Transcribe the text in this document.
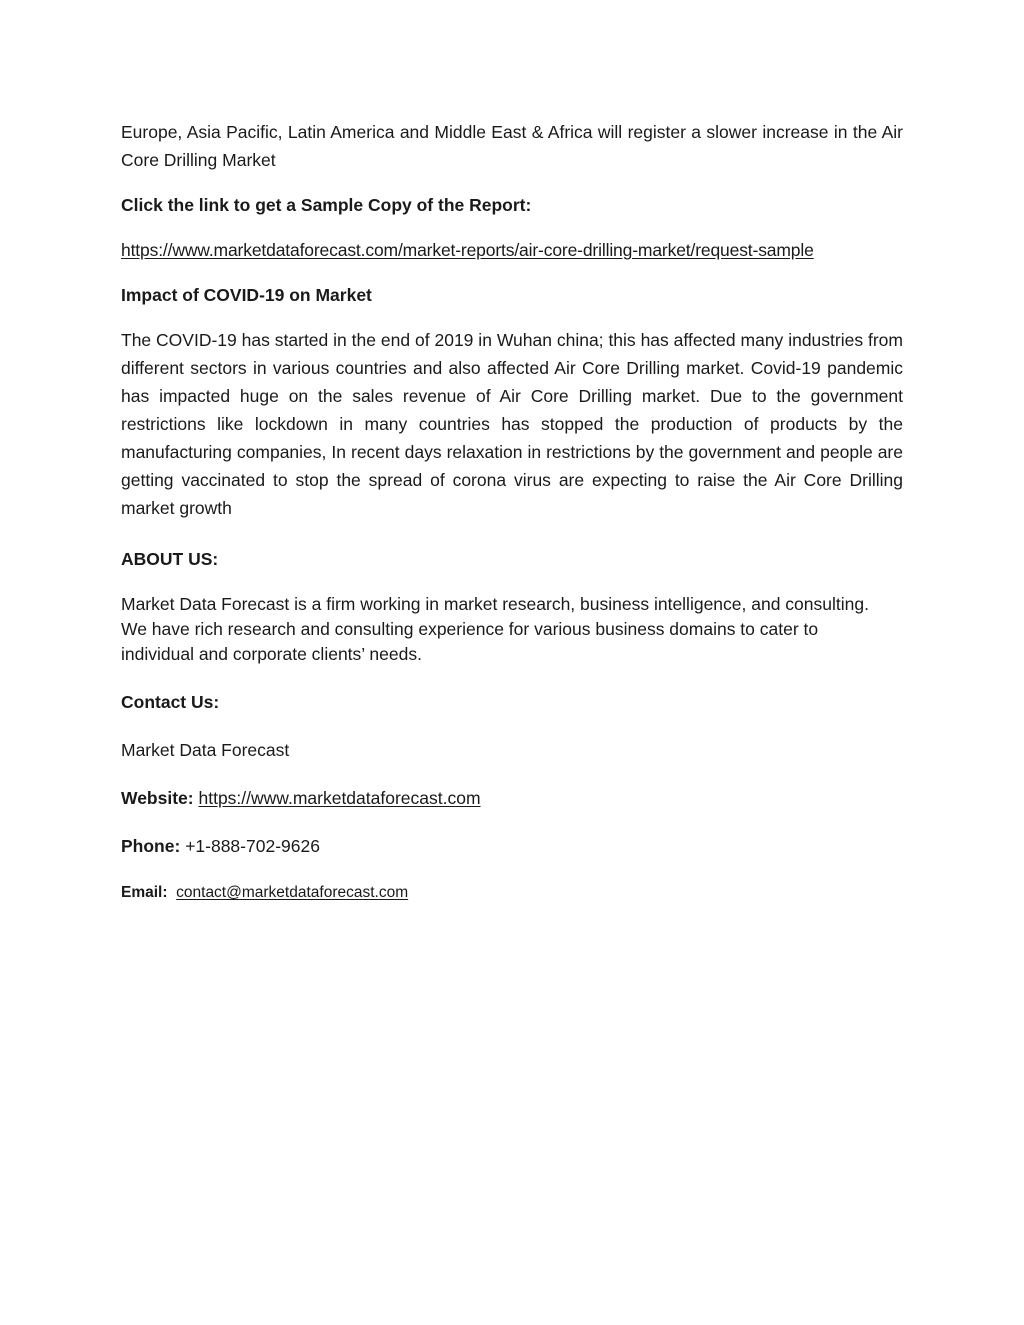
Europe, Asia Pacific, Latin America and Middle East & Africa will register a slower increase in the Air Core Drilling Market

Click the link to get a Sample Copy of the Report:

https://www.marketdataforecast.com/market-reports/air-core-drilling-market/request-sample

Impact of COVID-19 on Market

The COVID-19 has started in the end of 2019 in Wuhan china; this has affected many industries from different sectors in various countries and also affected Air Core Drilling market. Covid-19 pandemic has impacted huge on the sales revenue of Air Core Drilling market. Due to the government restrictions like lockdown in many countries has stopped the production of products by the manufacturing companies, In recent days relaxation in restrictions by the government and people are getting vaccinated to stop the spread of corona virus are expecting to raise the Air Core Drilling market growth

ABOUT US:

Market Data Forecast is a firm working in market research, business intelligence, and consulting. We have rich research and consulting experience for various business domains to cater to individual and corporate clients’ needs.

Contact Us:

Market Data Forecast

Website: https://www.marketdataforecast.com

Phone: +1-888-702-9626

Email: contact@marketdataforecast.com
